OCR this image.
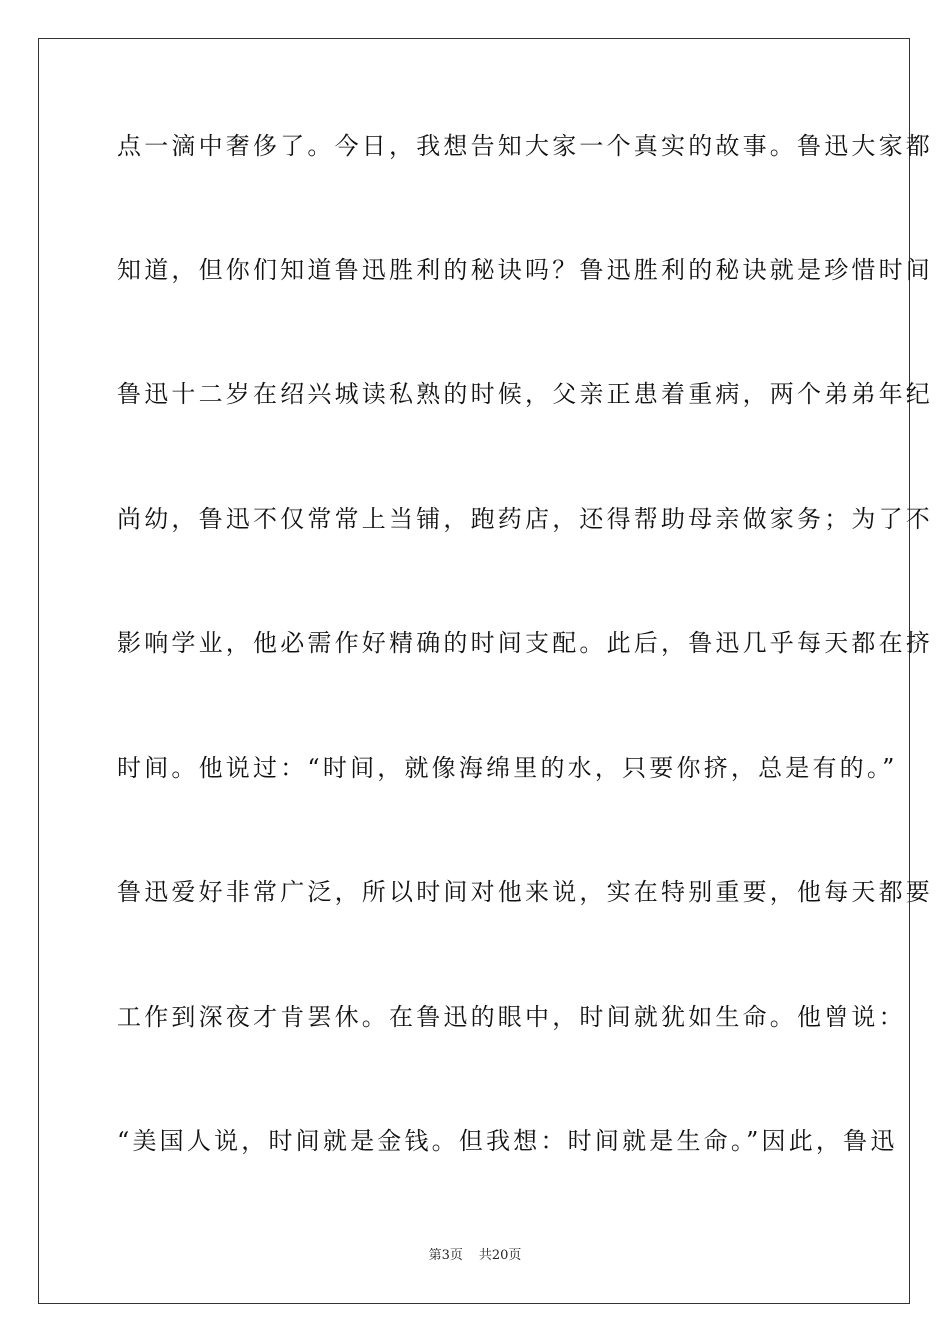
点一滴中奢侈了。今日，我想告知大家一个真实的故事。鲁迅大家都
知道，但你们知道鲁迅胜利的秘诀吗？鲁迅胜利的秘诀就是珍惜时间
鲁迅十二岁在绍兴城读私熟的时候，父亲正患着重病，两个弟弟年纪
尚幼，鲁迅不仅常常上当铺，跑药店，还得帮助母亲做家务；为了不
影响学业，他必需作好精确的时间支配。此后，鲁迅几乎每天都在挤
时间。他说过：“时间，就像海绵里的水，只要你挤，总是有的。”
鲁迅爱好非常广泛，所以时间对他来说，实在特别重要，他每天都要
工作到深夜才肯罢休。在鲁迅的眼中，时间就犹如生命。他曾说：
“美国人说，时间就是金钱。但我想：时间就是生命。”因此，鲁迅
第3页 共20页
